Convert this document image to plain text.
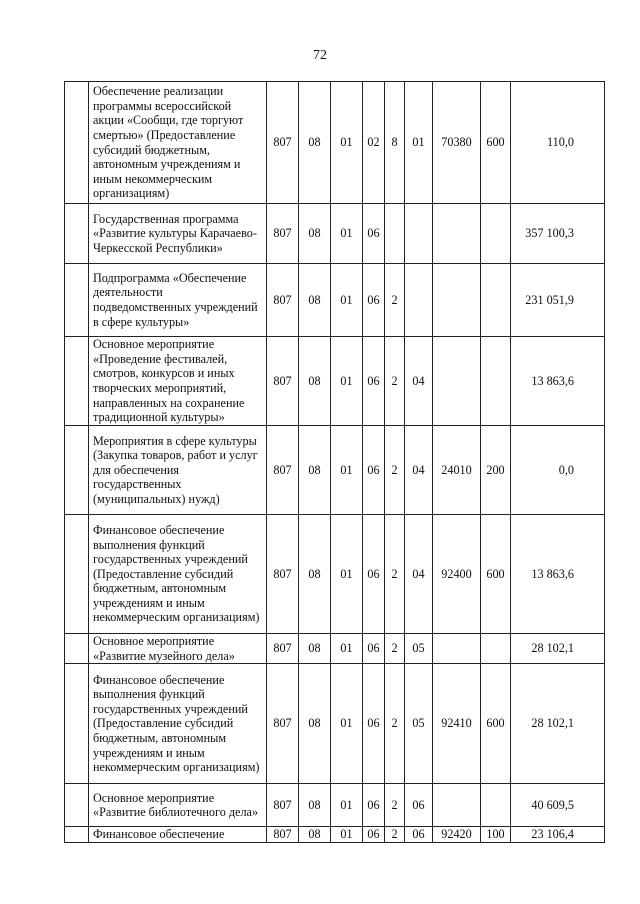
72
	Обеспечение реализации программы всероссийской акции «Сообщи, где торгуют смертью» (Предоставление субсидий бюджетным, автономным учреждениям и иным некоммерческим организациям)	807	08	01	02	8	01	70380	600	110,0
	Государственная программа «Развитие культуры Карачаево-Черкесской Республики»	807	08	01	06					357 100,3
	Подпрограмма «Обеспечение деятельности подведомственных учреждений в сфере культуры»	807	08	01	06	2				231 051,9
	Основное мероприятие «Проведение фестивалей, смотров, конкурсов и иных творческих мероприятий, направленных на сохранение традиционной культуры»	807	08	01	06	2	04			13 863,6
	Мероприятия в сфере культуры (Закупка товаров, работ и услуг для обеспечения государственных (муниципальных) нужд)	807	08	01	06	2	04	24010	200	0,0
	Финансовое обеспечение выполнения функций государственных учреждений (Предоставление субсидий бюджетным, автономным учреждениям и иным некоммерческим организациям)	807	08	01	06	2	04	92400	600	13 863,6
	Основное мероприятие «Развитие музейного дела»	807	08	01	06	2	05			28 102,1
	Финансовое обеспечение выполнения функций государственных учреждений (Предоставление субсидий бюджетным, автономным учреждениям и иным некоммерческим организациям)	807	08	01	06	2	05	92410	600	28 102,1
	Основное мероприятие «Развитие библиотечного дела»	807	08	01	06	2	06			40 609,5
	Финансовое обеспечение	807	08	01	06	2	06	92420	100	23 106,4
